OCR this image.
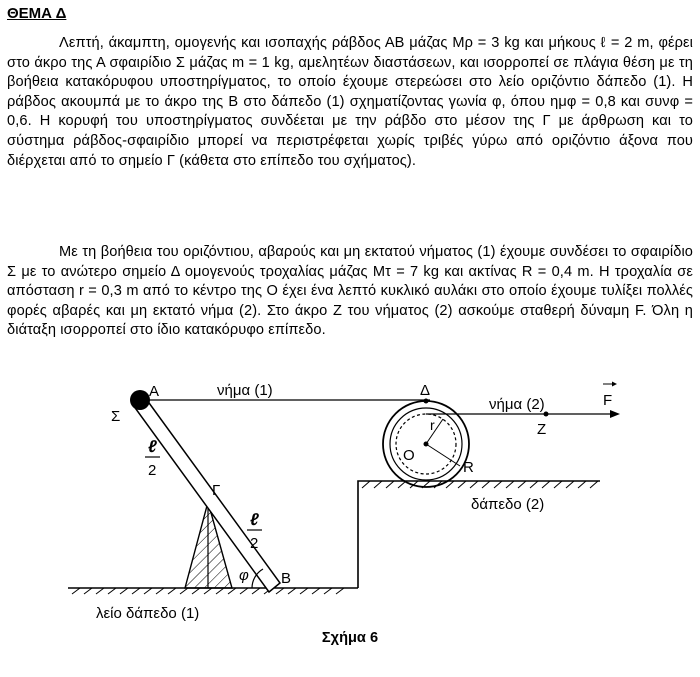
ΘΕΜΑ Δ
Λεπτή, άκαμπτη, ομογενής και ισοπαχής ράβδος ΑΒ μάζας Μρ = 3 kg και μήκους ℓ = 2 m, φέρει στο άκρο της Α σφαιρίδιο Σ μάζας m = 1 kg, αμελητέων διαστάσεων, και ισορροπεί σε πλάγια θέση με τη βοήθεια κατακόρυφου υποστηρίγματος, το οποίο έχουμε στερεώσει στο λείο οριζόντιο δάπεδο (1). Η ράβδος ακουμπά με το άκρο της Β στο δάπεδο (1) σχηματίζοντας γωνία φ, όπου ημφ = 0,8 και συνφ = 0,6. Η κορυφή του υποστηρίγματος συνδέεται με την ράβδο στο μέσον της Γ με άρθρωση και το σύστημα ράβδος-σφαιρίδιο μπορεί να περιστρέφεται χωρίς τριβές γύρω από οριζόντιο άξονα που διέρχεται από το σημείο Γ (κάθετα στο επίπεδο του σχήματος).
Με τη βοήθεια του οριζόντιου, αβαρούς και μη εκτατού νήματος (1) έχουμε συνδέσει το σφαιρίδιο Σ με το ανώτερο σημείο Δ ομογενούς τροχαλίας μάζας Μτ = 7 kg και ακτίνας R = 0,4 m. Η τροχαλία σε απόσταση r = 0,3 m από το κέντρο της Ο έχει ένα λεπτό κυκλικό αυλάκι στο οποίο έχουμε τυλίξει πολλές φορές αβαρές και μη εκτατό νήμα (2). Στο άκρο Ζ του νήματος (2) ασκούμε σταθερή δύναμη F. Όλη η διάταξη ισορροπεί στο ίδιο κατακόρυφο επίπεδο.
Α
Σ
Γ
Β
φ
Δ
Ο
r
R
Z
F
νήμα (1)
νήμα (2)
ℓ
2
ℓ
2
λείο δάπεδο (1)
δάπεδο (2)
Σχήμα 6
